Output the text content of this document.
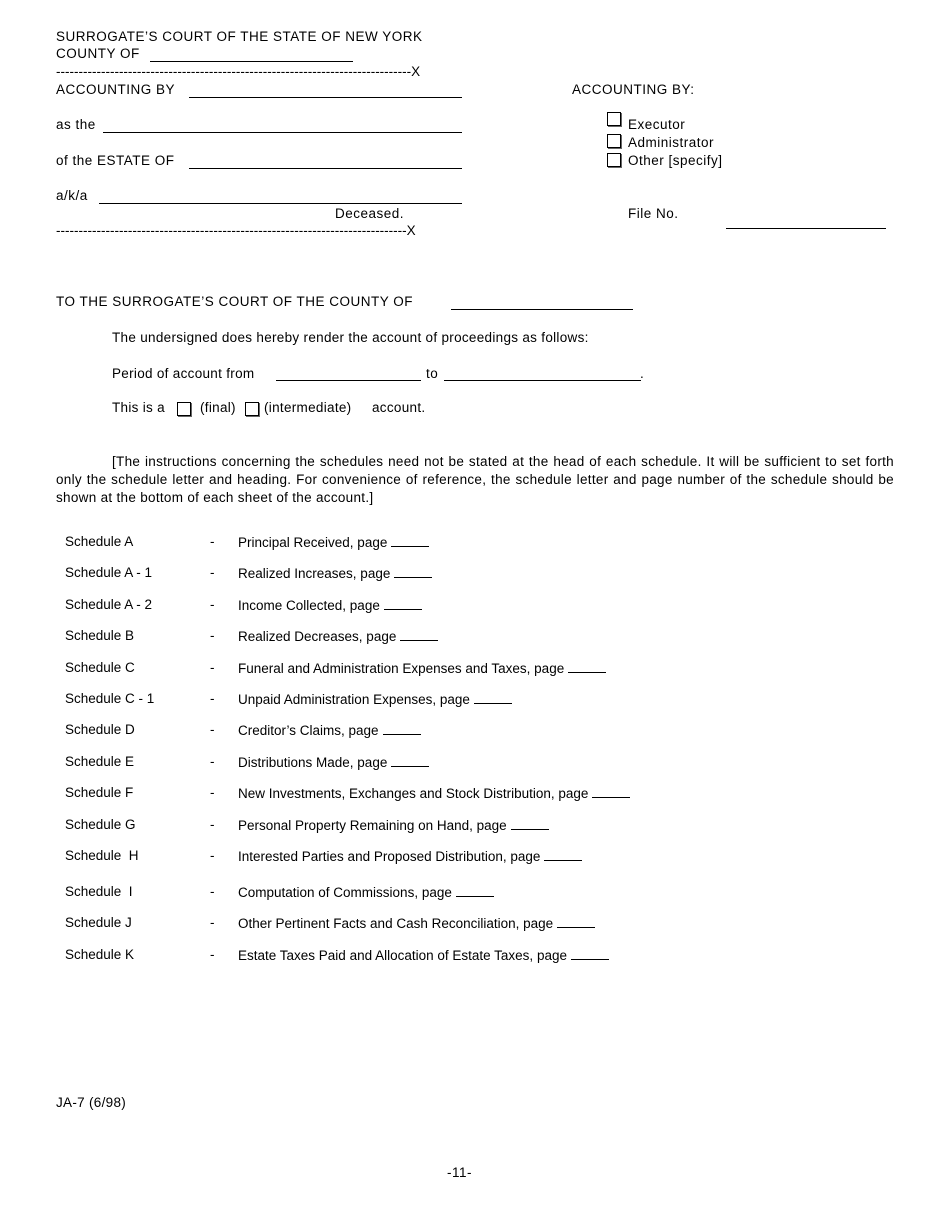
SURROGATE’S COURT OF THE STATE OF NEW YORK
COUNTY OF
-------------------------------------------------------------------------------X
ACCOUNTING BY
as the
of the ESTATE OF
a/k/a
Deceased.
------------------------------------------------------------------------------X
ACCOUNTING BY:
Executor
Administrator
Other [specify]
File No.
TO THE SURROGATE’S COURT OF THE COUNTY OF
The undersigned does hereby render the account of proceedings as follows:
Period of account from	to	.
This is a	(final) (intermediate) account.
[The instructions concerning the schedules need not be stated at the head of each schedule. It will be sufficient to set forth only the schedule letter and heading. For convenience of reference, the schedule letter and page number of the schedule should be shown at the bottom of each sheet of the account.]
Schedule A	- Principal Received, page
Schedule A - 1	- Realized Increases, page
Schedule A - 2	- Income Collected, page
Schedule B	- Realized Decreases, page
Schedule C	- Funeral and Administration Expenses and Taxes, page
Schedule C - 1	- Unpaid Administration Expenses, page
Schedule D	- Creditor’s Claims, page
Schedule E	- Distributions Made, page
Schedule F	- New Investments, Exchanges and Stock Distribution, page
Schedule G	- Personal Property Remaining on Hand, page
Schedule  H	- Interested Parties and Proposed Distribution, page
Schedule  I	- Computation of Commissions, page
Schedule J	- Other Pertinent Facts and Cash Reconciliation, page
Schedule K	- Estate Taxes Paid and Allocation of Estate Taxes, page
JA-7 (6/98)
-11-
